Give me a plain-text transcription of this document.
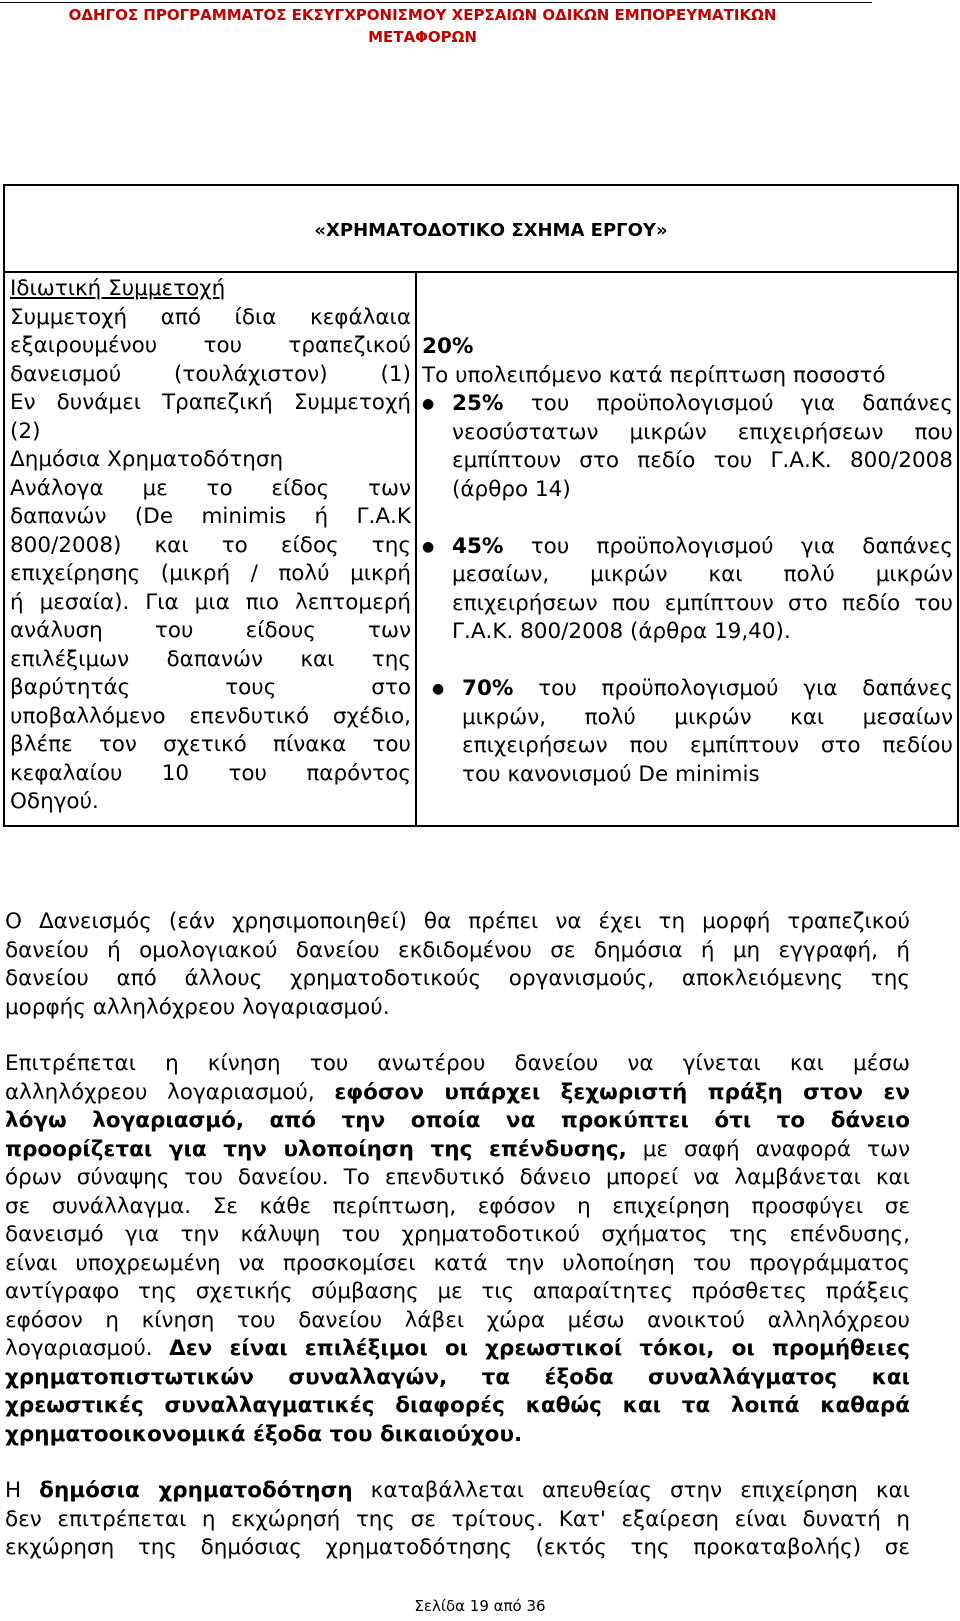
ΟΔΗΓΟΣ ΠΡΟΓΡΑΜΜΑΤΟΣ ΕΚΣΥΓΧΡΟΝΙΣΜΟΥ ΧΕΡΣΑΙΩΝ ΟΔΙΚΩΝ ΕΜΠΟΡΕΥΜΑΤΙΚΩΝ
ΜΕΤΑΦΟΡΩΝ
«ΧΡΗΜΑΤΟΔΟΤΙΚΟ ΣΧΗΜΑ ΕΡΓΟΥ»
Ιδιωτική Συμμετοχή
Συμμετοχή από ίδια κεφάλαια
εξαιρουμένου του τραπεζικού
δανεισμού (τουλάχιστον) (1)
Εν δυνάμει Τραπεζική Συμμετοχή
(2)
Δημόσια Χρηματοδότηση
Ανάλογα με το είδος των
δαπανών (De minimis ή Γ.Α.Κ
800/2008) και το είδος της
επιχείρησης (μικρή / πολύ μικρή
ή μεσαία). Για μια πιο λεπτομερή
ανάλυση του είδους των
επιλέξιμων δαπανών και της
βαρύτητάς τους στο
υποβαλλόμενο επενδυτικό σχέδιο,
βλέπε τον σχετικό πίνακα του
κεφαλαίου 10 του παρόντος
Οδηγού.
20%
Το υπολειπόμενο κατά περίπτωση ποσοστό
● 25% του προϋπολογισμού για δαπάνες
νεοσύστατων μικρών επιχειρήσεων που
εμπίπτουν στο πεδίο του Γ.Α.Κ. 800/2008
(άρθρο 14)
● 45% του προϋπολογισμού για δαπάνες
μεσαίων, μικρών και πολύ μικρών
επιχειρήσεων που εμπίπτουν στο πεδίο του
Γ.Α.Κ. 800/2008 (άρθρα 19,40).
● 70% του προϋπολογισμού για δαπάνες
μικρών, πολύ μικρών και μεσαίων
επιχειρήσεων που εμπίπτουν στο πεδίου
του κανονισμού De minimis
Ο Δανεισμός (εάν χρησιμοποιηθεί) θα πρέπει να έχει τη μορφή τραπεζικού
δανείου ή ομολογιακού δανείου εκδιδομένου σε δημόσια ή μη εγγραφή, ή
δανείου από άλλους χρηματοδοτικούς οργανισμούς, αποκλειόμενης της
μορφής αλληλόχρεου λογαριασμού.
Επιτρέπεται η κίνηση του ανωτέρου δανείου να γίνεται και μέσω
αλληλόχρεου λογαριασμού, εφόσον υπάρχει ξεχωριστή πράξη στον εν
λόγω λογαριασμό, από την οποία να προκύπτει ότι το δάνειο
προορίζεται για την υλοποίηση της επένδυσης, με σαφή αναφορά των
όρων σύναψης του δανείου. Το επενδυτικό δάνειο μπορεί να λαμβάνεται και
σε συνάλλαγμα. Σε κάθε περίπτωση, εφόσον η επιχείρηση προσφύγει σε
δανεισμό για την κάλυψη του χρηματοδοτικού σχήματος της επένδυσης,
είναι υποχρεωμένη να προσκομίσει κατά την υλοποίηση του προγράμματος
αντίγραφο της σχετικής σύμβασης με τις απαραίτητες πρόσθετες πράξεις
εφόσον η κίνηση του δανείου λάβει χώρα μέσω ανοικτού αλληλόχρεου
λογαριασμού. Δεν είναι επιλέξιμοι οι χρεωστικοί τόκοι, οι προμήθειες
χρηματοπιστωτικών συναλλαγών, τα έξοδα συναλλάγματος και
χρεωστικές συναλλαγματικές διαφορές καθώς και τα λοιπά καθαρά
χρηματοοικονομικά έξοδα του δικαιούχου.
Η δημόσια χρηματοδότηση καταβάλλεται απευθείας στην επιχείρηση και
δεν επιτρέπεται η εκχώρησή της σε τρίτους. Κατ' εξαίρεση είναι δυνατή η
εκχώρηση της δημόσιας χρηματοδότησης (εκτός της προκαταβολής) σε
Σελίδα 19 από 36
